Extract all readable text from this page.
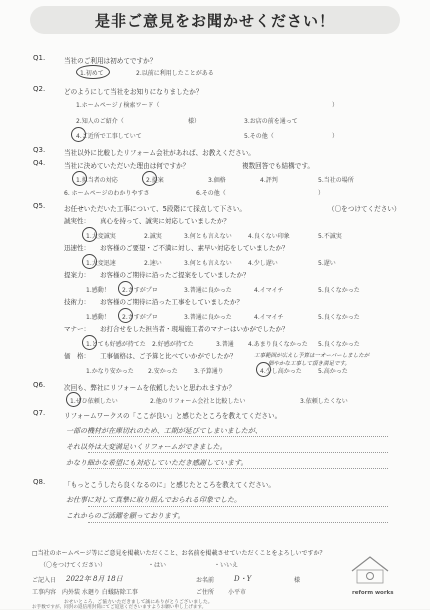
是非ご意見をお聞かせください！
Q1.	当社のご利用は初めてですか？
1.初めて	2.以前に利用したことがある
Q2.	どのようにして当社をお知りになりましたか？
1.ホームページ / 検索ワード（	）
2.知人のご紹介（	様）	3.お店の前を通って
4.ご近所で工事していて	5.その他（	）
Q3.	当社以外に比較したリフォーム会社があれば、お教えください。
Q4.	当社に決めていただいた理由は何ですか？	複数回答でも結構です。
1.担当者の対応	2.提案	3.価格	4.評判	5.当社の場所
6. ホームページのわかりやすさ	6.その他（	）
Q5.	お任せいただいた工事について、5段階にて採点して下さい。	（〇をつけてください）
誠実性： 真心を持って、誠実に対応していましたか？
1.大変誠実	2.誠実	3.何とも言えない	4.良くない印象	5.不誠実
迅速性： お客様のご要望・ご不満に対し、素早い対応をしていましたか？
1.大変迅速	2.速い	3.何とも言えない	4.少し遅い	5.遅い
提案力： お客様のご期待に沿ったご提案をしていましたか？
1.感動！ 2.さすがプロ	3.普通に良かった	4.イマイチ	5.良くなかった
技術力： お客様のご期待に沿った工事をしていましたか？
1.感動！ 2.さすがプロ	3.普通に良かった	4.イマイチ	5.良くなかった
マナー： お打合せをした担当者・現場施工者のマナーはいかがでしたか？
1.とても好感が持てた 2.好感が持てた	3.普通 4.あまり良くなかった 5.良くなかった
価　格： 工事価格は、ご予算と比べていかがでしたか？	工事範囲が広えし予算は一オーバーしましたが
細やかな工事して頂き満足です。
1.かなり安かった 2.安かった	3.予算通り	4.少し高かった	5.高かった
Q6.	次回も、弊社にリフォームを依頼したいと思われますか？
1.ぜひ依頼したい	2.他のリフォーム会社と比較したい	3.依頼したくない
Q7.	リフォームワークスの「ここが良い」と感じたところを教えてください。
一部の機材が在庫切れのため、工期が延びてしまいましたが、
それ以外は大変満足いくリフォームができました。
かなり細かな希望にも対応していただき感謝しています。
Q8.	「もっとこうしたら良くなるのに」と感じたところを教えてください。
お仕事に対して真摯に取り組んでおられる印象でした。
これからのご活躍を願っております。
□当社のホームページ等にご意見を掲載いただくこと、お名前を掲載させていただくことをよろしいですか？
（〇をつけてください）	・はい	・いいえ
ご記入日 2022年 8月 18日	お名前	D・Y	様
工事内容 内外装 水廻り 白蟻防除工事	ご住所 小平市
おせいところ、ご協力いただきまして誠にありがとうございました。
お手数ですが、同封の返信用封筒にてご返送くださいますようお願い申し上げます。
reform works
